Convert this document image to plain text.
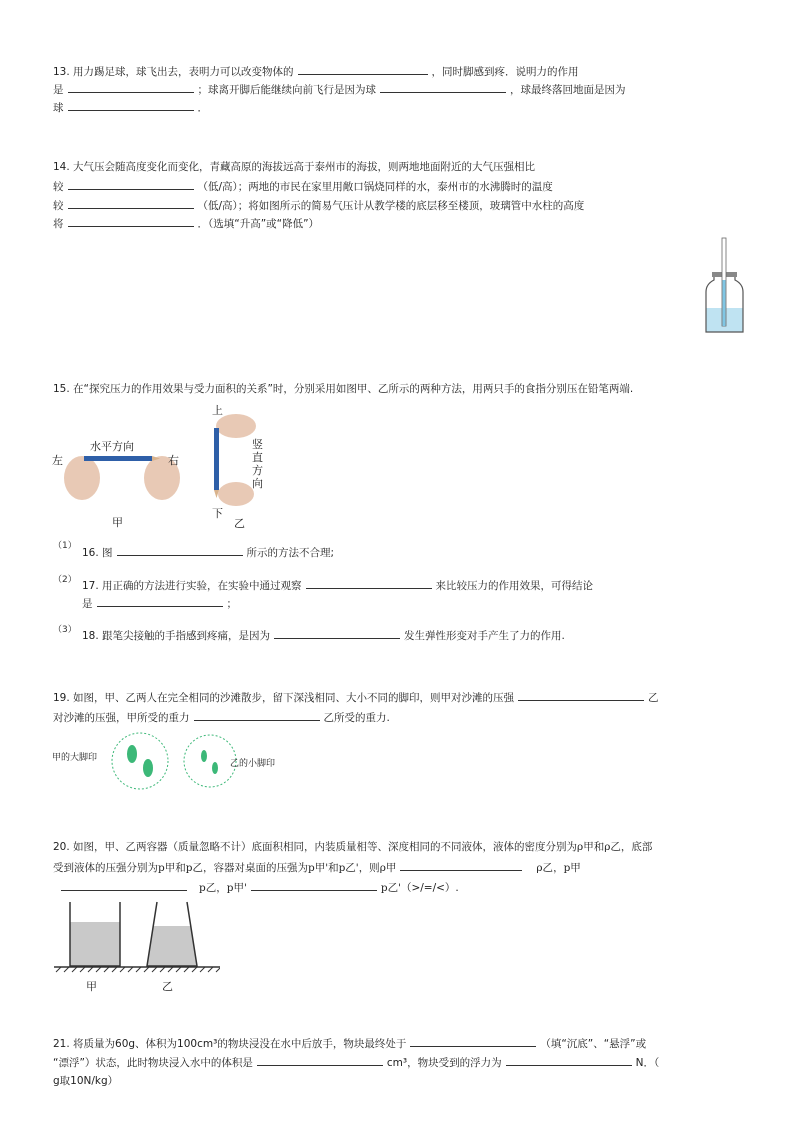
13. 用力踢足球，球飞出去，表明力可以改变物体的	，同时脚感到疼．说明力的作用
是	；球离开脚后能继续向前飞行是因为球	，球最终落回地面是因为
球	．
14. 大气压会随高度变化而变化，青藏高原的海拔远高于泰州市的海拔，则两地地面附近的大气压强相比
较	（低/高）；两地的市民在家里用敞口锅烧同样的水，泰州市的水沸腾时的温度
较	（低/高）；将如图所示的简易气压计从教学楼的底层移至楼顶，玻璃管中水柱的高度
将	．（选填“升高”或“降低”）
15. 在“探究压力的作用效果与受力面积的关系”时，分别采用如图甲、乙所示的两种方法，用两只手的食指分别压在铅笔两端.
左
水平方向
右
甲
上
竖直方向
下
乙
（1）
16. 图	所示的方法不合理;
（2） 17. 用正确的方法进行实验，在实验中通过观察	来比较压力的作用效果，可得结论
是	；
（3） 18. 跟笔尖接触的手指感到疼痛，是因为	发生弹性形变对手产生了力的作用.
19. 如图，甲、乙两人在完全相同的沙滩散步，留下深浅相同、大小不同的脚印，则甲对沙滩的压强	乙
对沙滩的压强，甲所受的重力	乙所受的重力.
甲的大脚印
乙的小脚印
20. 如图，甲、乙两容器（质量忽略不计）底面积相同，内装质量相等、深度相同的不同液体，液体的密度分别为ρ甲和ρ乙，底部
受到液体的压强分别为p甲和p乙，容器对桌面的压强为p甲'和p乙'，则ρ甲	ρ乙，p甲
p乙，p甲'	p乙'（>/=/<）.
甲	乙
21. 将质量为60g、体积为100cm³的物块浸没在水中后放手，物块最终处于	（填“沉底”、“悬浮”或
“漂浮”）状态，此时物块浸入水中的体积是	cm³，物块受到的浮力为	N．（
g取10N/kg）
